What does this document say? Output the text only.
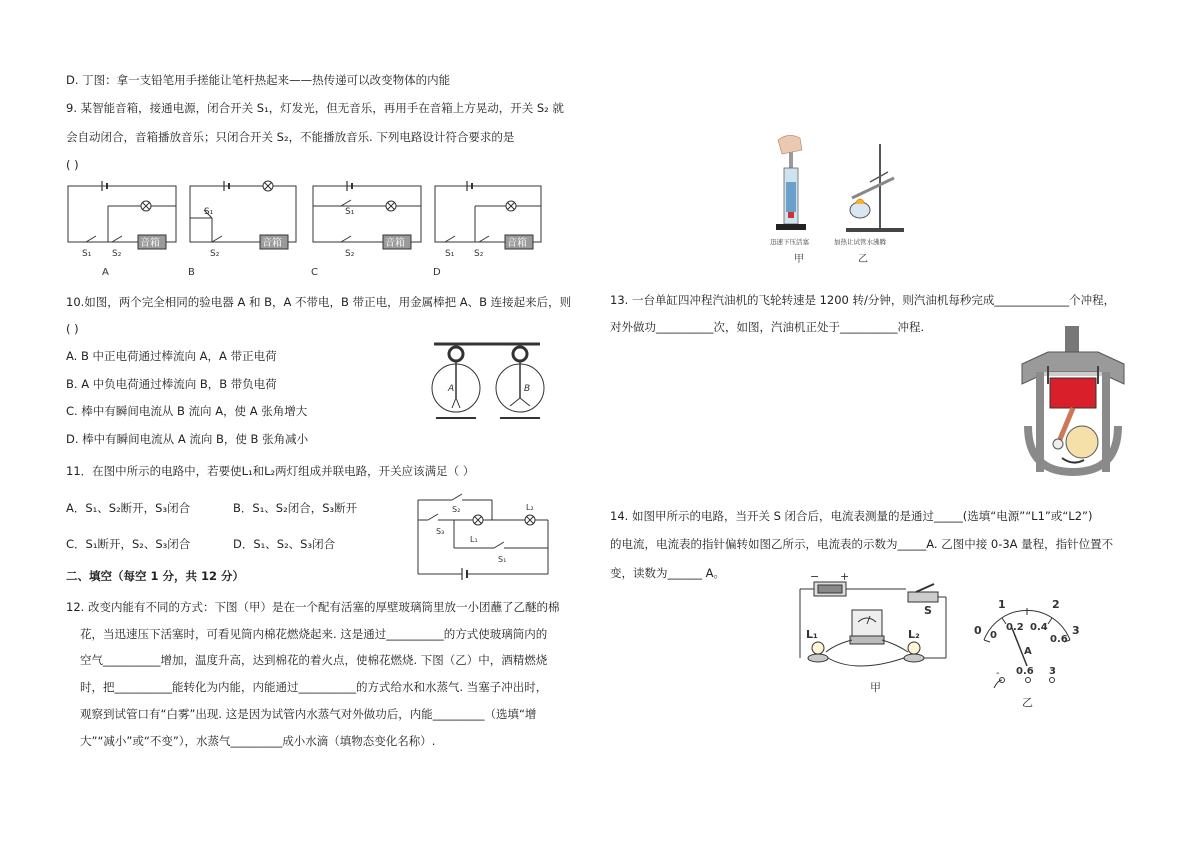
D. 丁图：拿一支铅笔用手搓能让笔杆热起来——热传递可以改变物体的内能
9. 某智能音箱，接通电源，闭合开关 S₁，灯发光，但无音乐，再用手在音箱上方晃动，开关 S₂ 就
会自动闭合，音箱播放音乐；只闭合开关 S₂，不能播放音乐. 下列电路设计符合要求的是
( )
S₁ S₂
S₁
S₂
S₁
S₂	S₁ S₂
音箱	音箱	音箱	音箱
A	B	C	D
10.如图，两个完全相同的验电器 A 和 B，A 不带电，B 带正电，用金属棒把 A、B 连接起来后，则
( )
A. B 中正电荷通过棒流向 A，A 带正电荷
B. A 中负电荷通过棒流向 B，B 带负电荷
C. 棒中有瞬间电流从 B 流向 A，使 A 张角增大
D. 棒中有瞬间电流从 A 流向 B，使 B 张角减小
A	B
11．在图中所示的电路中，若要使L₁和L₂两灯组成并联电路，开关应该满足（ ）
A．S₁、S₂断开，S₃闭合	B．S₁、S₂闭合，S₃断开
C．S₁断开，S₂、S₃闭合	D．S₁、S₂、S₃闭合
S₂
S₃
L₁
L₂
S₁
二、填空（每空 1 分，共 12 分）
12. 改变内能有不同的方式：下图（甲）是在一个配有活塞的厚壁玻璃筒里放一小团蘸了乙醚的棉
花，当迅速压下活塞时，可看见筒内棉花燃烧起来. 这是通过__________的方式使玻璃筒内的
空气__________增加，温度升高，达到棉花的着火点，使棉花燃烧. 下图（乙）中，酒精燃烧
时，把__________能转化为内能，内能通过__________的方式给水和水蒸气. 当塞子冲出时，
观察到试管口有“白雾”出现. 这是因为试管内水蒸气对外做功后，内能_________（选填“增
大”“减小”或“不变”），水蒸气_________成小水滴（填物态变化名称）.
迅速下压活塞	加热让试管水沸腾
甲	乙
13. 一台单缸四冲程汽油机的飞轮转速是 1200 转/分钟，则汽油机每秒完成_____________个冲程，
对外做功__________次，如图，汽油机正处于__________冲程.
14. 如图甲所示的电路，当开关 S 闭合后，电流表测量的是通过_____(选填“电源”“L1”或“L2”)
的电流，电流表的指针偏转如图乙所示，电流表的示数为_____A. 乙图中接 0-3A 量程，指针位置不
变，读数为______ A。	− +
S
L₁	L₂
甲
0
1	2
3
0
0.2 0.4
0.6
A
0.6 3
-
乙
